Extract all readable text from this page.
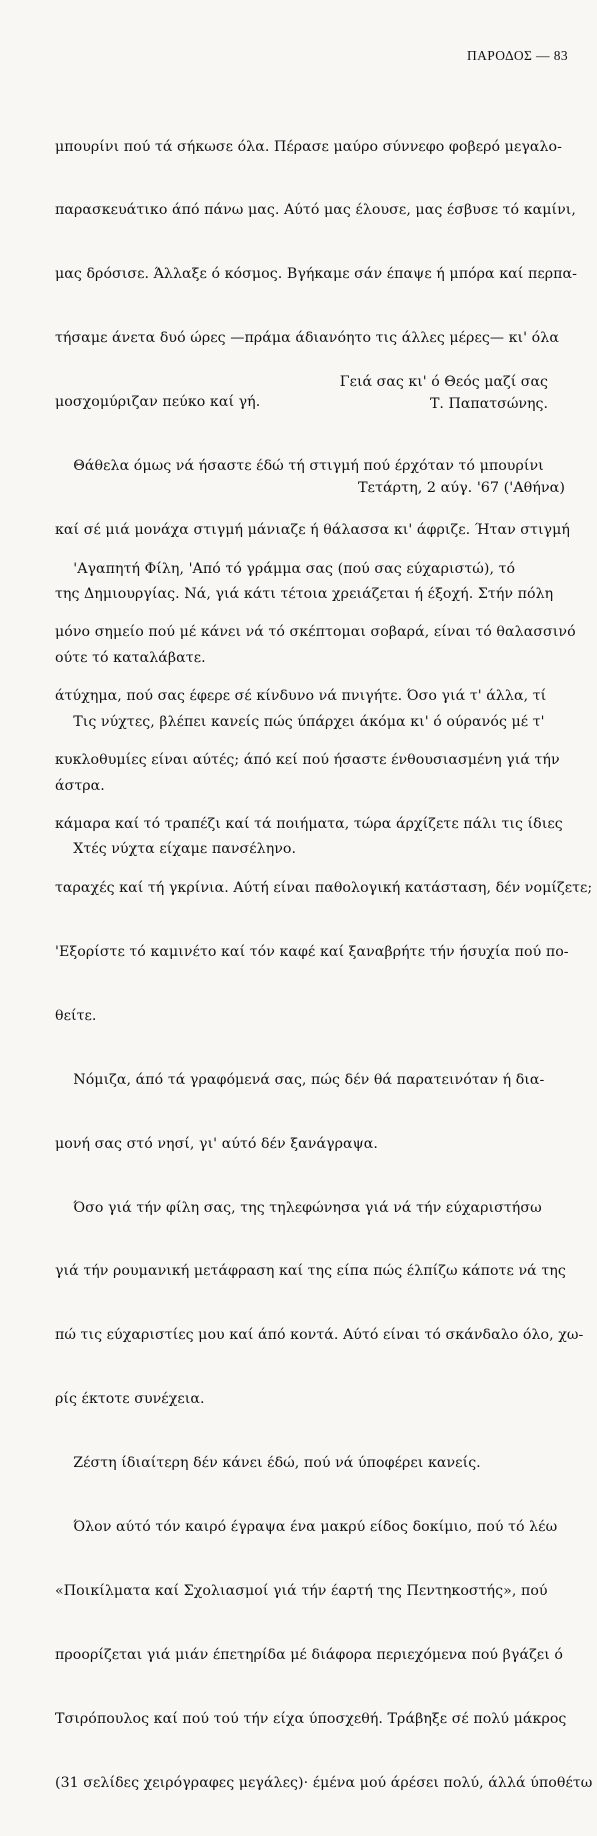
ΠΑΡΟΔΟΣ — 83

μπουρίνι πού τά σήκωσε όλα. Πέρασε μαύρο σύννεφο φοβερό μεγαλο-

παρασκευάτικο άπό πάνω μας. Αύτό μας έλουσε, μας έσβυσε τό καμίνι,

μας δρόσισε. Άλλαξε ό κόσμος. Βγήκαμε σάν έπαψε ή μπόρα καί περπα-

τήσαμε άνετα δυό ώρες —πράμα άδιανόητο τις άλλες μέρες— κι' όλα

μοσχομύριζαν πεύκο καί γή.

Θάθελα όμως νά ήσαστε έδώ τή στιγμή πού έρχόταν τό μπουρίνι

καί σέ μιά μονάχα στιγμή μάνιαζε ή θάλασσα κι' άφριζε. Ήταν στιγμή

της Δημιουργίας. Νά, γιά κάτι τέτοια χρειάζεται ή έξοχή. Στήν πόλη

ούτε τό καταλάβατε.

Τις νύχτες, βλέπει κανείς πώς ύπάρχει άκόμα κι' ό ούρανός μέ τ'

άστρα.

Χτές νύχτα είχαμε πανσέληνο.

Γειά σας κι' ό Θεός μαζί σας
Τ. Παπατσώνης.
Τετάρτη, 2 αύγ. '67 ('Αθήνα)

'Αγαπητή Φίλη, 'Από τό γράμμα σας (πού σας εύχαριστώ), τό

μόνο σημείο πού μέ κάνει νά τό σκέπτομαι σοβαρά, είναι τό θαλασσινό

άτύχημα, πού σας έφερε σέ κίνδυνο νά πνιγήτε. Όσο γιά τ' άλλα, τί

κυκλοθυμίες είναι αύτές; άπό κεί πού ήσαστε ένθουσιασμένη γιά τήν

κάμαρα καί τό τραπέζι καί τά ποιήματα, τώρα άρχίζετε πάλι τις ίδιες

ταραχές καί τή γκρίνια. Αύτή είναι παθολογική κατάσταση, δέν νομίζετε;

'Εξορίστε τό καμινέτο καί τόν καφέ καί ξαναβρήτε τήν ήσυχία πού πο-

θείτε.

Νόμιζα, άπό τά γραφόμενά σας, πώς δέν θά παρατεινόταν ή δια-

μονή σας στό νησί, γι' αύτό δέν ξανάγραψα.

Όσο γιά τήν φίλη σας, της τηλεφώνησα γιά νά τήν εύχαριστήσω

γιά τήν ρουμανική μετάφραση καί της είπα πώς έλπίζω κάποτε νά της

πώ τις εύχαριστίες μου καί άπό κοντά. Αύτό είναι τό σκάνδαλο όλο, χω-

ρίς έκτοτε συνέχεια.

Ζέστη ίδιαίτερη δέν κάνει έδώ, πού νά ύποφέρει κανείς.

Όλον αύτό τόν καιρό έγραψα ένα μακρύ είδος δοκίμιο, πού τό λέω

«Ποικίλματα καί Σχολιασμοί γιά τήν έαρτή της Πεντηκοστής», πού

προορίζεται γιά μιάν έπετηρίδα μέ διάφορα περιεχόμενα πού βγάζει ό

Τσιρόπουλος καί πού τού τήν είχα ύποσχεθή. Τράβηξε σέ πολύ μάκρος

(31 σελίδες χειρόγραφες μεγάλες)· έμένα μού άρέσει πολύ, άλλά ύποθέτω
